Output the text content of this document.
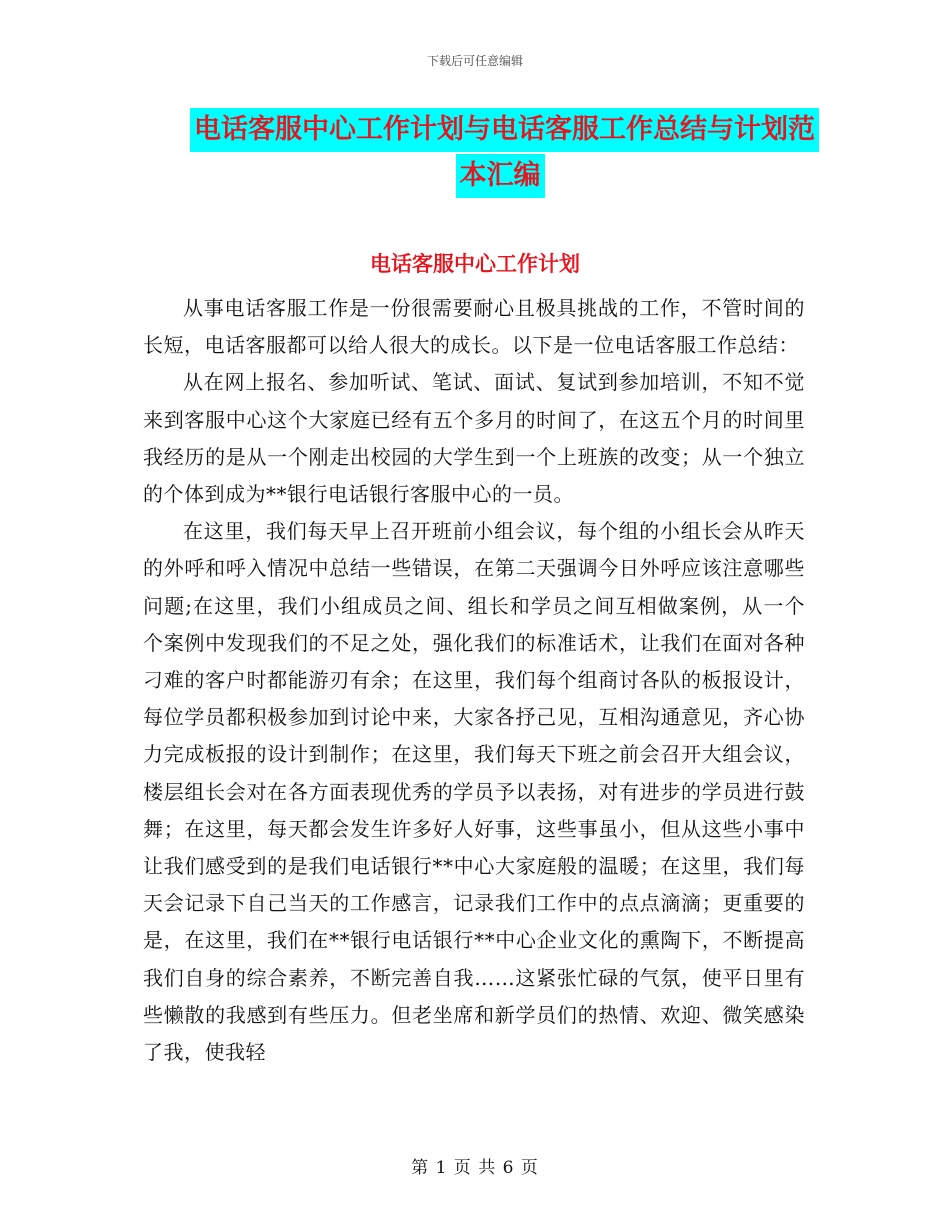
下载后可任意编辑
电话客服中心工作计划与电话客服工作总结与计划范
本汇编
电话客服中心工作计划

从事电话客服工作是一份很需要耐心且极具挑战的工作，不管时间的长短，电话客服都可以给人很大的成长。以下是一位电话客服工作总结：

从在网上报名、参加听试、笔试、面试、复试到参加培训，不知不觉来到客服中心这个大家庭已经有五个多月的时间了，在这五个月的时间里我经历的是从一个刚走出校园的大学生到一个上班族的改变；从一个独立的个体到成为**银行电话银行客服中心的一员。

在这里，我们每天早上召开班前小组会议，每个组的小组长会从昨天的外呼和呼入情况中总结一些错误，在第二天强调今日外呼应该注意哪些问题;在这里，我们小组成员之间、组长和学员之间互相做案例，从一个个案例中发现我们的不足之处，强化我们的标准话术，让我们在面对各种刁难的客户时都能游刃有余；在这里，我们每个组商讨各队的板报设计，每位学员都积极参加到讨论中来，大家各抒己见，互相沟通意见，齐心协力完成板报的设计到制作；在这里，我们每天下班之前会召开大组会议，楼层组长会对在各方面表现优秀的学员予以表扬，对有进步的学员进行鼓舞；在这里，每天都会发生许多好人好事，这些事虽小，但从这些小事中让我们感受到的是我们电话银行**中心大家庭般的温暖；在这里，我们每天会记录下自己当天的工作感言，记录我们工作中的点点滴滴；更重要的是，在这里，我们在**银行电话银行**中心企业文化的熏陶下，不断提高我们自身的综合素养，不断完善自我……这紧张忙碌的气氛，使平日里有些懒散的我感到有些压力。但老坐席和新学员们的热情、欢迎、微笑感染了我，使我轻

第 1 页 共 6 页
